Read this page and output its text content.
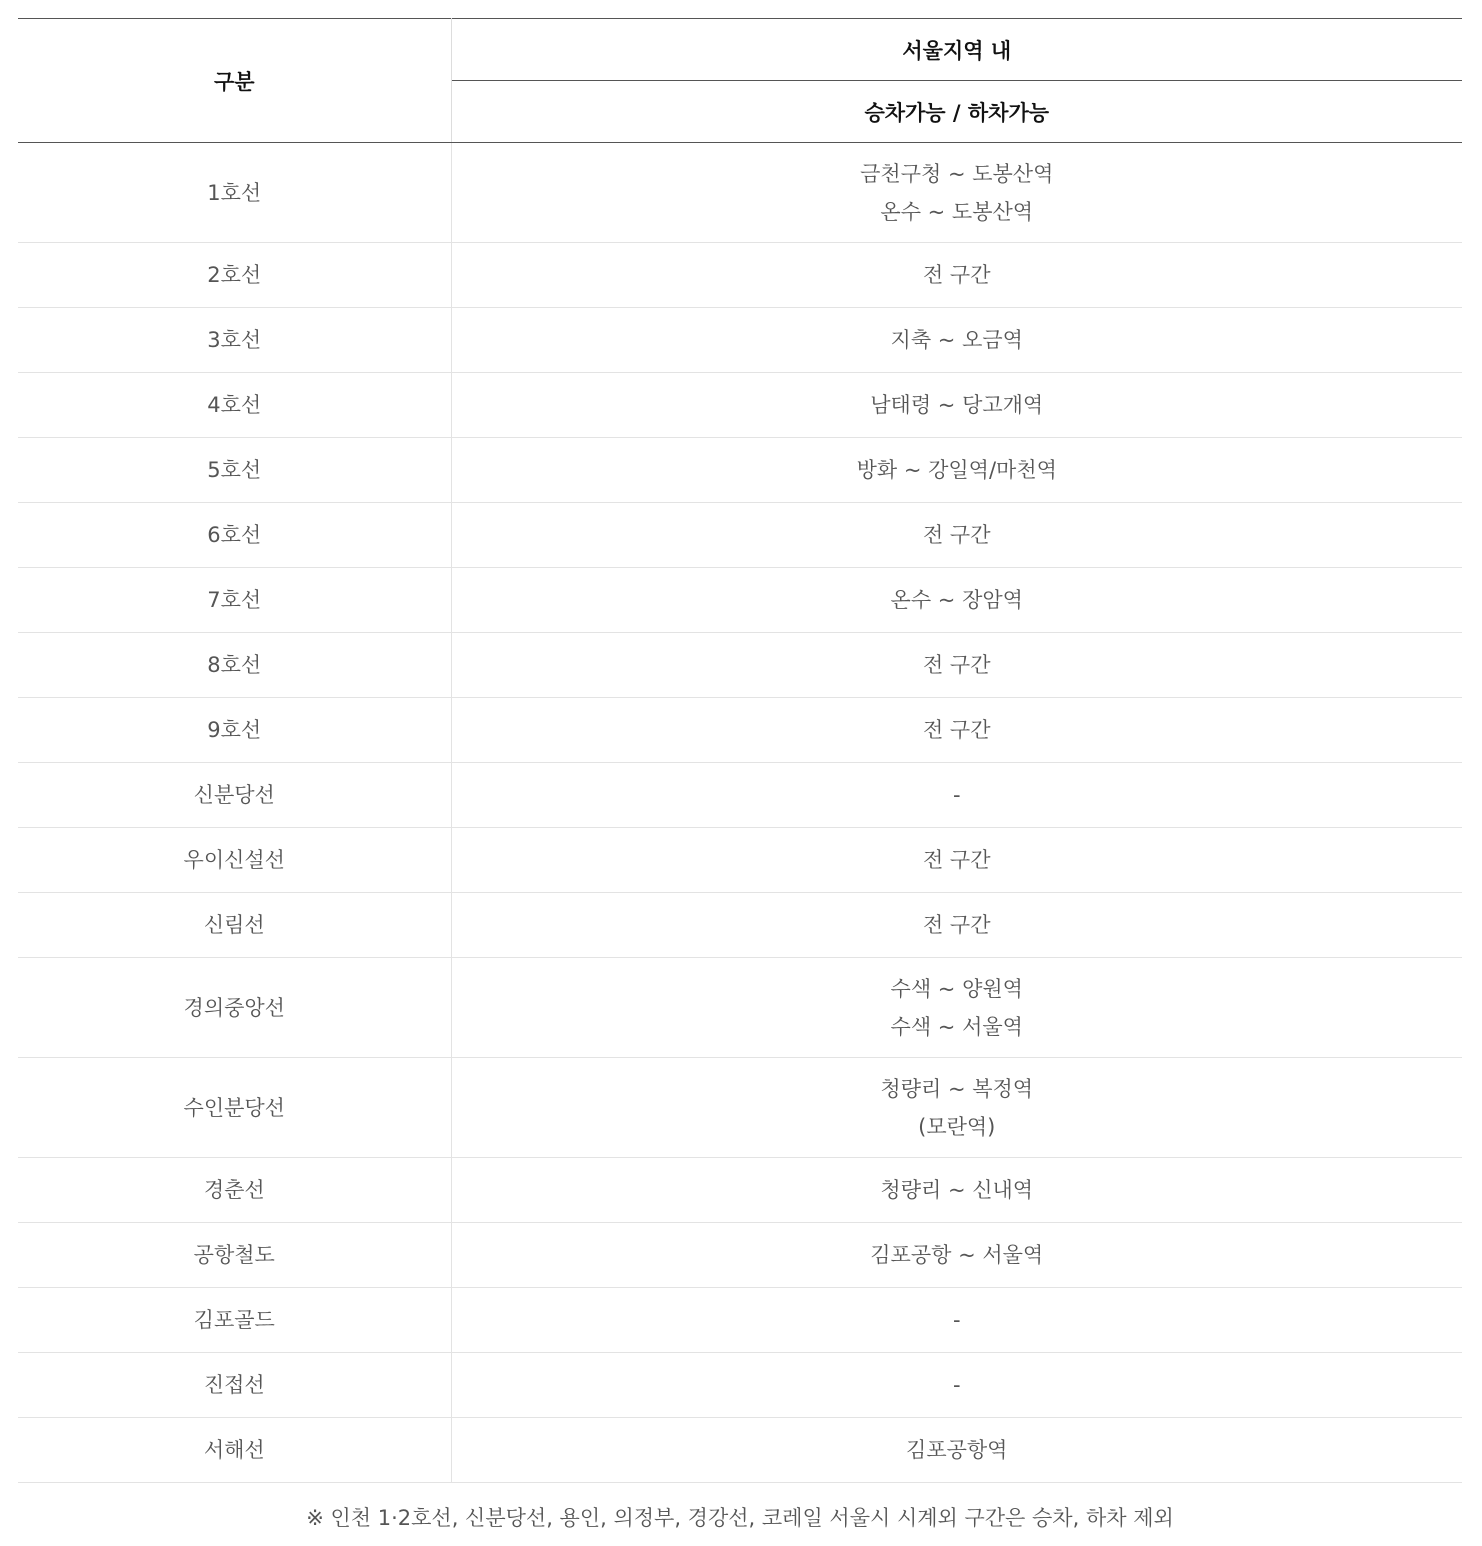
구분	서울지역 내
	승차가능 / 하차가능
1호선	금천구청 ~ 도봉산역
온수 ~ 도봉산역

2호선	전 구간

3호선	지축 ~ 오금역

4호선	남태령 ~ 당고개역

5호선	방화 ~ 강일역/마천역

6호선	전 구간

7호선	온수 ~ 장암역

8호선	전 구간

9호선	전 구간

신분당선	-

우이신설선	전 구간

신림선	전 구간

경의중앙선	수색 ~ 양원역
수색 ~ 서울역

수인분당선	청량리 ~ 복정역
(모란역)

경춘선	청량리 ~ 신내역

공항철도	김포공항 ~ 서울역

김포골드	-

진접선	-

서해선	김포공항역
※ 인천 1·2호선, 신분당선, 용인, 의정부, 경강선, 코레일 서울시 시계외 구간은 승차, 하차 제외
